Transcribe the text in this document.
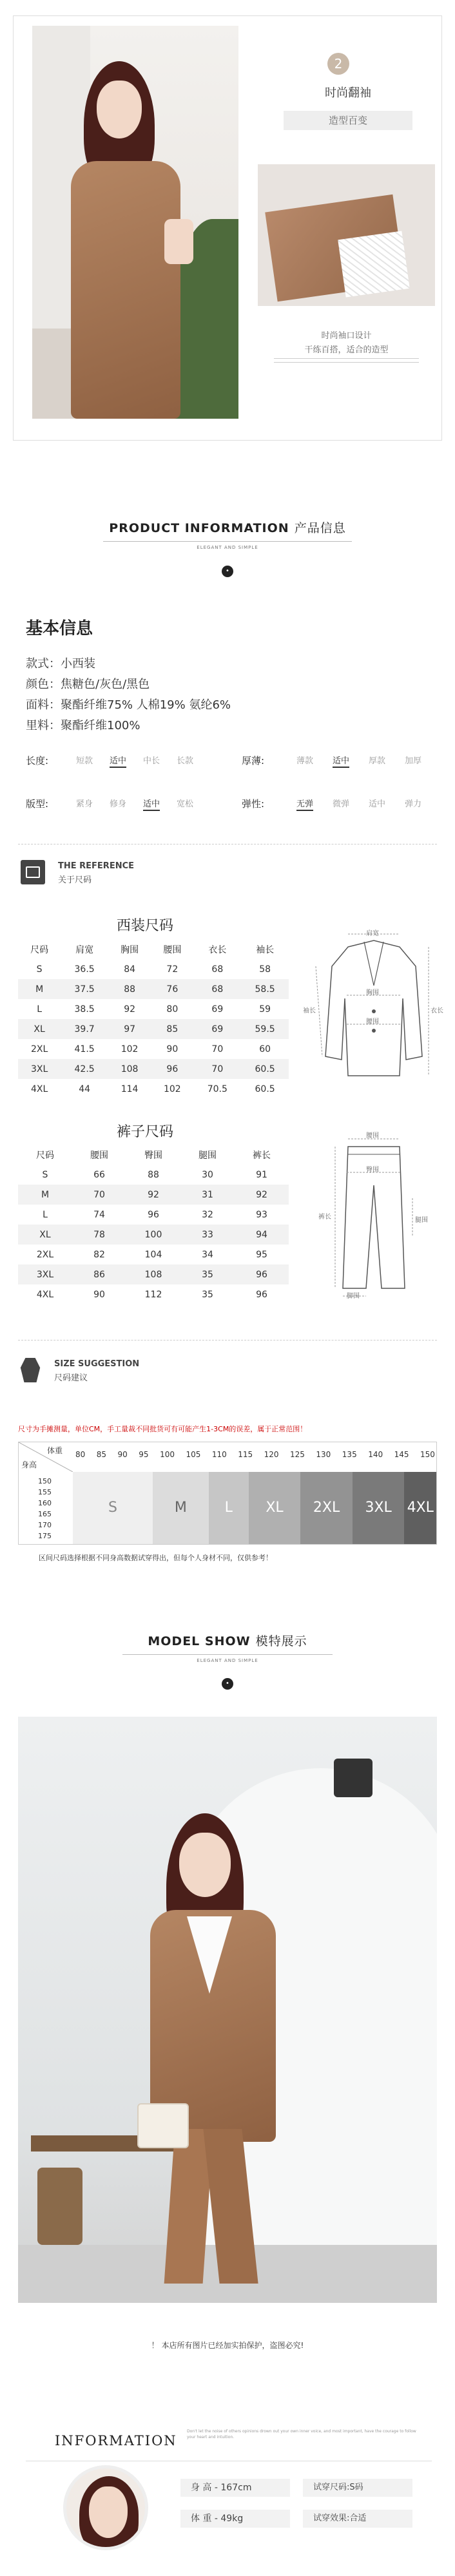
2
时尚翻袖
造型百变
时尚袖口设计
干练百搭，适合的造型
PRODUCT INFORMATION 产品信息
ELEGANT AND SIMPLE
•
基本信息
款式：小西装
颜色：焦糖色/灰色/黑色
面料：聚酯纤维75% 人棉19% 氨纶6%
里料：聚酯纤维100%
长度:	短款 适中 中长 长款	厚薄:	薄款 适中 厚款 加厚
版型:	紧身 修身 适中 宽松	弹性:	无弹 微弹 适中 弹力
THE REFERENCE
关于尺码
西装尺码
尺码	肩宽	胸围	腰围	衣长	袖长
S	36.5	84	72	68	58
M	37.5	88	76	68	58.5
L	38.5	92	80	69	59
XL	39.7	97	85	69	59.5
2XL	41.5	102	90	70	60
3XL	42.5	108	96	70	60.5
4XL	44	114	102	70.5	60.5
肩宽
胸围
腰围
衣长
袖长
裤子尺码
尺码	腰围	臀围	腿围	裤长
S	66	88	30	91
M	70	92	31	92
L	74	96	32	93
XL	78	100	33	94
2XL	82	104	34	95
3XL	86	108	35	96
4XL	90	112	35	96
腰围
臀围
裤长	腿围
脚围
SIZE SUGGESTION
尺码建议
尺寸为手摊测量，单位CM，手工量裁不同批货可有可能产生1-3CM的误差，属于正常范围！
体重
身高
80 85 90 95 100 105 110 115 120 125 130 135 140 145 150
150
155
160
165
170
175
S	M	L	XL	2XL	3XL	4XL
区间尺码选择根据不同身高数据试穿得出，但每个人身材不同，仅供参考！
MODEL SHOW 模特展示
ELEGANT AND SIMPLE
•
！ 本店所有图片已经加实拍保护，盗图必究!
INFORMATION
Don't let the noise of others opinions drown out your own inner voice, and most important, have the courage to follow your heart and intuition.
身 高 - 167cm
体 重 - 49kg
试穿尺码:S码
试穿效果:合适
